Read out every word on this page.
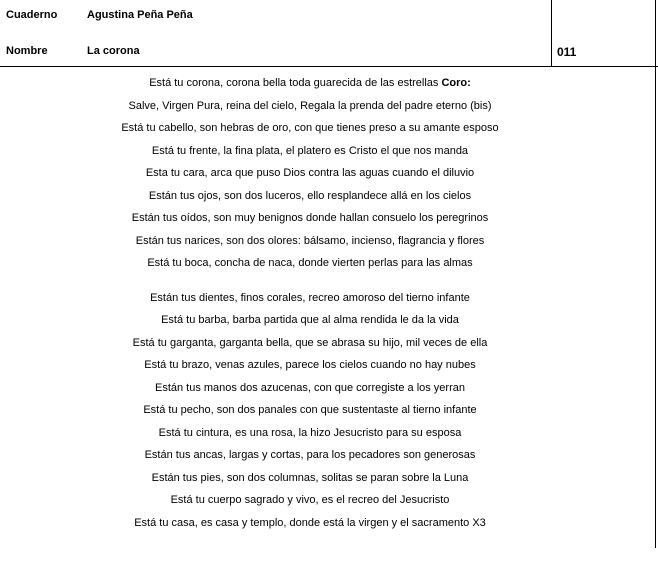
Cuaderno	Agustina Peña Peña
Nombre	La corona	011
Está tu corona, corona bella toda guarecida de las estrellas Coro:
Salve, Virgen Pura, reina del cielo, Regala la prenda del padre eterno (bis)
Está tu cabello, son hebras de oro, con que tienes preso a su amante esposo
Está tu frente, la fina plata, el platero es Cristo el que nos manda
Esta tu cara, arca que puso Dios contra las aguas cuando el diluvio
Están tus ojos, son dos luceros, ello resplandece allá en los cielos
Están tus oídos, son muy benignos donde hallan consuelo los peregrinos
Están tus narices, son dos olores: bálsamo, incienso, flagrancia y flores
Está tu boca, concha de naca, donde vierten perlas para las almas
Están tus dientes, finos corales, recreo amoroso del tierno infante
Está tu barba, barba partida que al alma rendida le da la vida
Está tu garganta, garganta bella, que se abrasa su hijo, mil veces de ella
Está tu brazo, venas azules, parece los cielos cuando no hay nubes
Están tus manos dos azucenas, con que corregiste a los yerran
Está tu pecho, son dos panales con que sustentaste al tierno infante
Está tu cintura, es una rosa, la hizo Jesucristo para su esposa
Están tus ancas, largas y cortas, para los pecadores son generosas
Están tus pies, son dos columnas, solitas se paran sobre la Luna
Está tu cuerpo sagrado y vivo, es el recreo del Jesucristo
Está tu casa, es casa y templo, donde está la virgen y el sacramento X3
